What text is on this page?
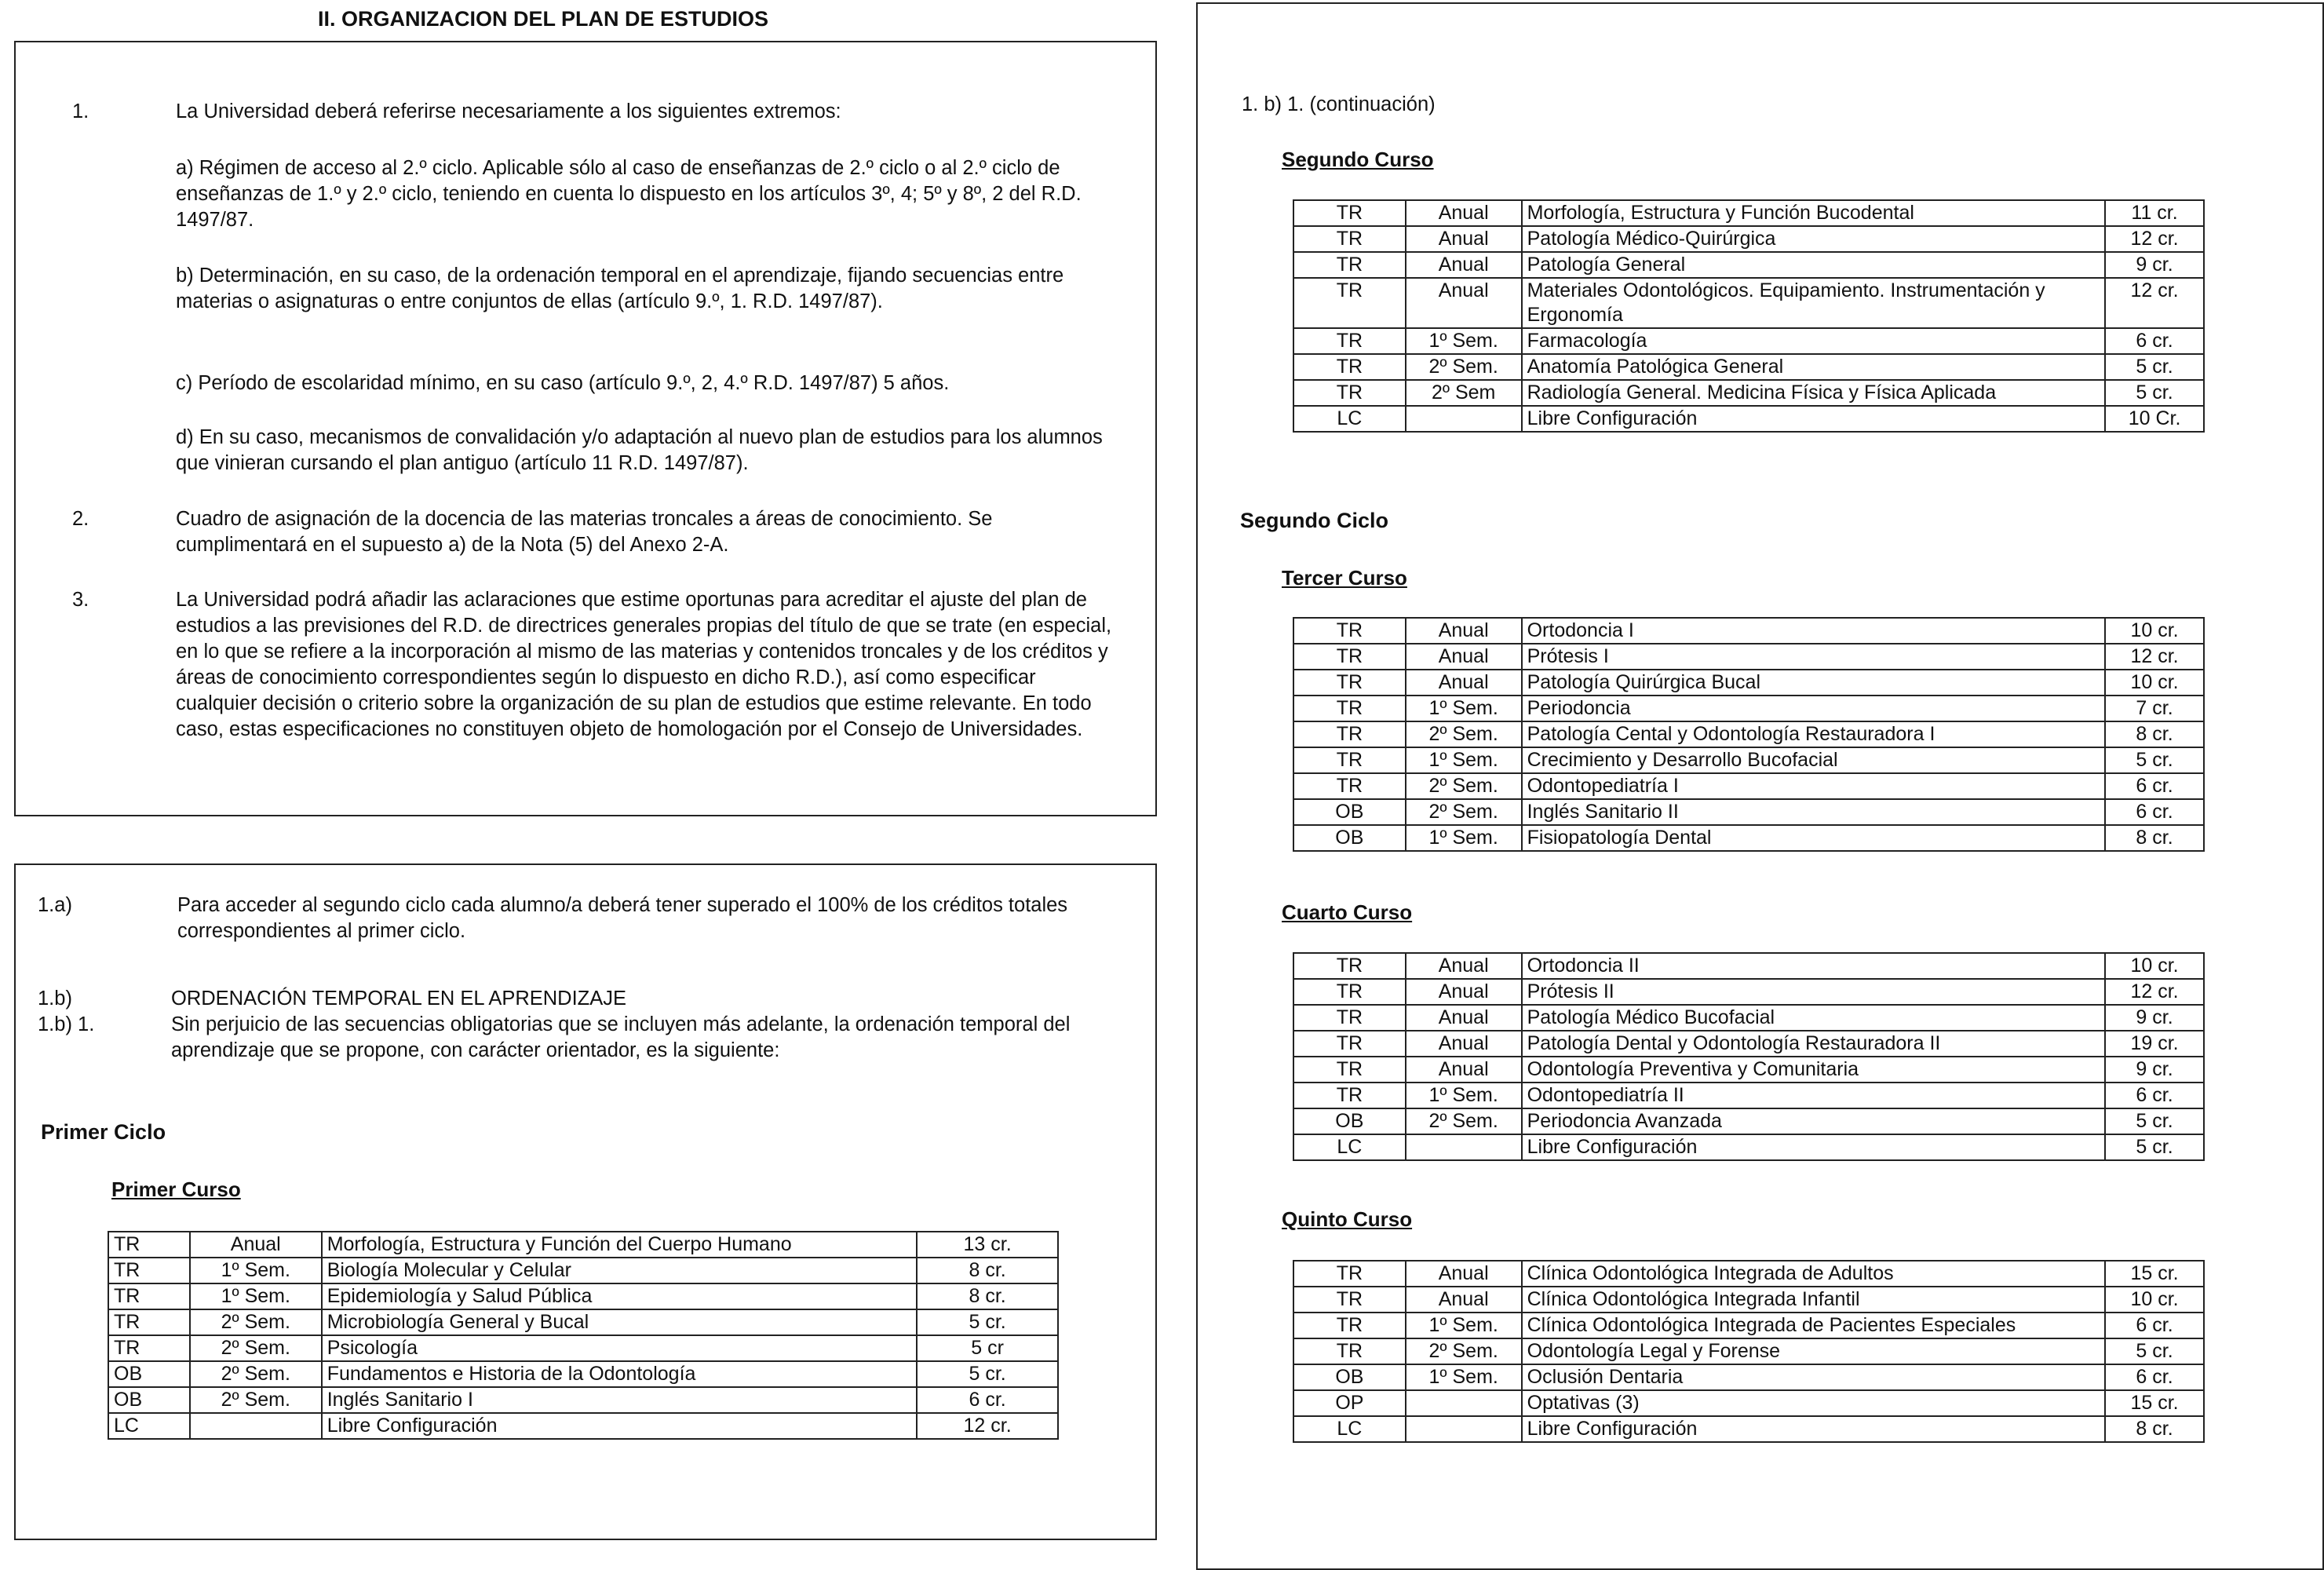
II. ORGANIZACION DEL PLAN DE ESTUDIOS
1.	La Universidad deberá referirse necesariamente a los siguientes extremos:
a) Régimen de acceso al 2.º ciclo. Aplicable sólo al caso de enseñanzas de 2.º ciclo o al 2.º ciclo de enseñanzas de 1.º y 2.º ciclo, teniendo en cuenta lo dispuesto en los artículos 3º, 4; 5º y 8º, 2 del R.D. 1497/87.
b) Determinación, en su caso, de la ordenación temporal en el aprendizaje, fijando secuencias entre materias o asignaturas o entre conjuntos de ellas (artículo 9.º, 1. R.D. 1497/87).
c) Período de escolaridad mínimo, en su caso (artículo 9.º, 2, 4.º R.D. 1497/87) 5 años.
d) En su caso, mecanismos de convalidación y/o adaptación al nuevo plan de estudios para los alumnos que vinieran cursando el plan antiguo (artículo 11 R.D. 1497/87).
2.	Cuadro de asignación de la docencia de las materias troncales a áreas de conocimiento. Se cumplimentará en el supuesto a) de la Nota (5) del Anexo 2-A.
3.	La Universidad podrá añadir las aclaraciones que estime oportunas para acreditar el ajuste del plan de estudios a las previsiones del R.D. de directrices generales propias del título de que se trate (en especial, en lo que se refiere a la incorporación al mismo de las materias y contenidos troncales y de los créditos y áreas de conocimiento correspondientes según lo dispuesto en dicho R.D.), así como especificar cualquier decisión o criterio sobre la organización de su plan de estudios que estime relevante. En todo caso, estas especificaciones no constituyen objeto de homologación por el Consejo de Universidades.
1.a)	Para acceder al segundo ciclo cada alumno/a deberá tener superado el 100% de los créditos totales correspondientes al primer ciclo.
1.b)	ORDENACIÓN TEMPORAL EN EL APRENDIZAJE
1.b) 1.	Sin perjuicio de las secuencias obligatorias que se incluyen más adelante, la ordenación temporal del aprendizaje que se propone, con carácter orientador, es la siguiente:
Primer Ciclo
Primer Curso
TR	Anual	Morfología, Estructura y Función del Cuerpo Humano	13 cr.
TR	1º Sem.	Biología Molecular y Celular	8 cr.
TR	1º Sem.	Epidemiología y Salud Pública	8 cr.
TR	2º Sem.	Microbiología General y Bucal	5 cr.
TR	2º Sem.	Psicología	5 cr
OB	2º Sem.	Fundamentos e Historia de la Odontología	5 cr.
OB	2º Sem.	Inglés Sanitario I	6 cr.
LC		Libre Configuración	12 cr.
1. b) 1. (continuación)
Segundo Curso
TR	Anual	Morfología, Estructura y Función Bucodental	11 cr.
TR	Anual	Patología Médico-Quirúrgica	12 cr.
TR	Anual	Patología General	9 cr.
TR	Anual	Materiales Odontológicos. Equipamiento. Instrumentación y Ergonomía	12 cr.
TR	1º Sem.	Farmacología	6 cr.
TR	2º Sem.	Anatomía Patológica General	5 cr.
TR	2º Sem	Radiología General. Medicina Física y Física Aplicada	5 cr.
LC		Libre Configuración	10 Cr.
Segundo Ciclo
Tercer Curso
TR	Anual	Ortodoncia I	10 cr.
TR	Anual	Prótesis I	12 cr.
TR	Anual	Patología Quirúrgica Bucal	10 cr.
TR	1º Sem.	Periodoncia	7 cr.
TR	2º Sem.	Patología Cental y Odontología Restauradora I	8 cr.
TR	1º Sem.	Crecimiento y Desarrollo Bucofacial	5 cr.
TR	2º Sem.	Odontopediatría I	6 cr.
OB	2º Sem.	Inglés Sanitario II	6 cr.
OB	1º Sem.	Fisiopatología Dental	8 cr.
Cuarto Curso
TR	Anual	Ortodoncia II	10 cr.
TR	Anual	Prótesis II	12 cr.
TR	Anual	Patología Médico Bucofacial	9 cr.
TR	Anual	Patología Dental y Odontología Restauradora II	19 cr.
TR	Anual	Odontología Preventiva y Comunitaria	9 cr.
TR	1º Sem.	Odontopediatría II	6 cr.
OB	2º Sem.	Periodoncia Avanzada	5 cr.
LC		Libre Configuración	5 cr.
Quinto Curso
TR	Anual	Clínica Odontológica Integrada de Adultos	15 cr.
TR	Anual	Clínica Odontológica Integrada Infantil	10 cr.
TR	1º Sem.	Clínica Odontológica Integrada de Pacientes Especiales	6 cr.
TR	2º Sem.	Odontología Legal y Forense	5 cr.
OB	1º Sem.	Oclusión Dentaria	6 cr.
OP		Optativas (3)	15 cr.
LC		Libre Configuración	8 cr.
